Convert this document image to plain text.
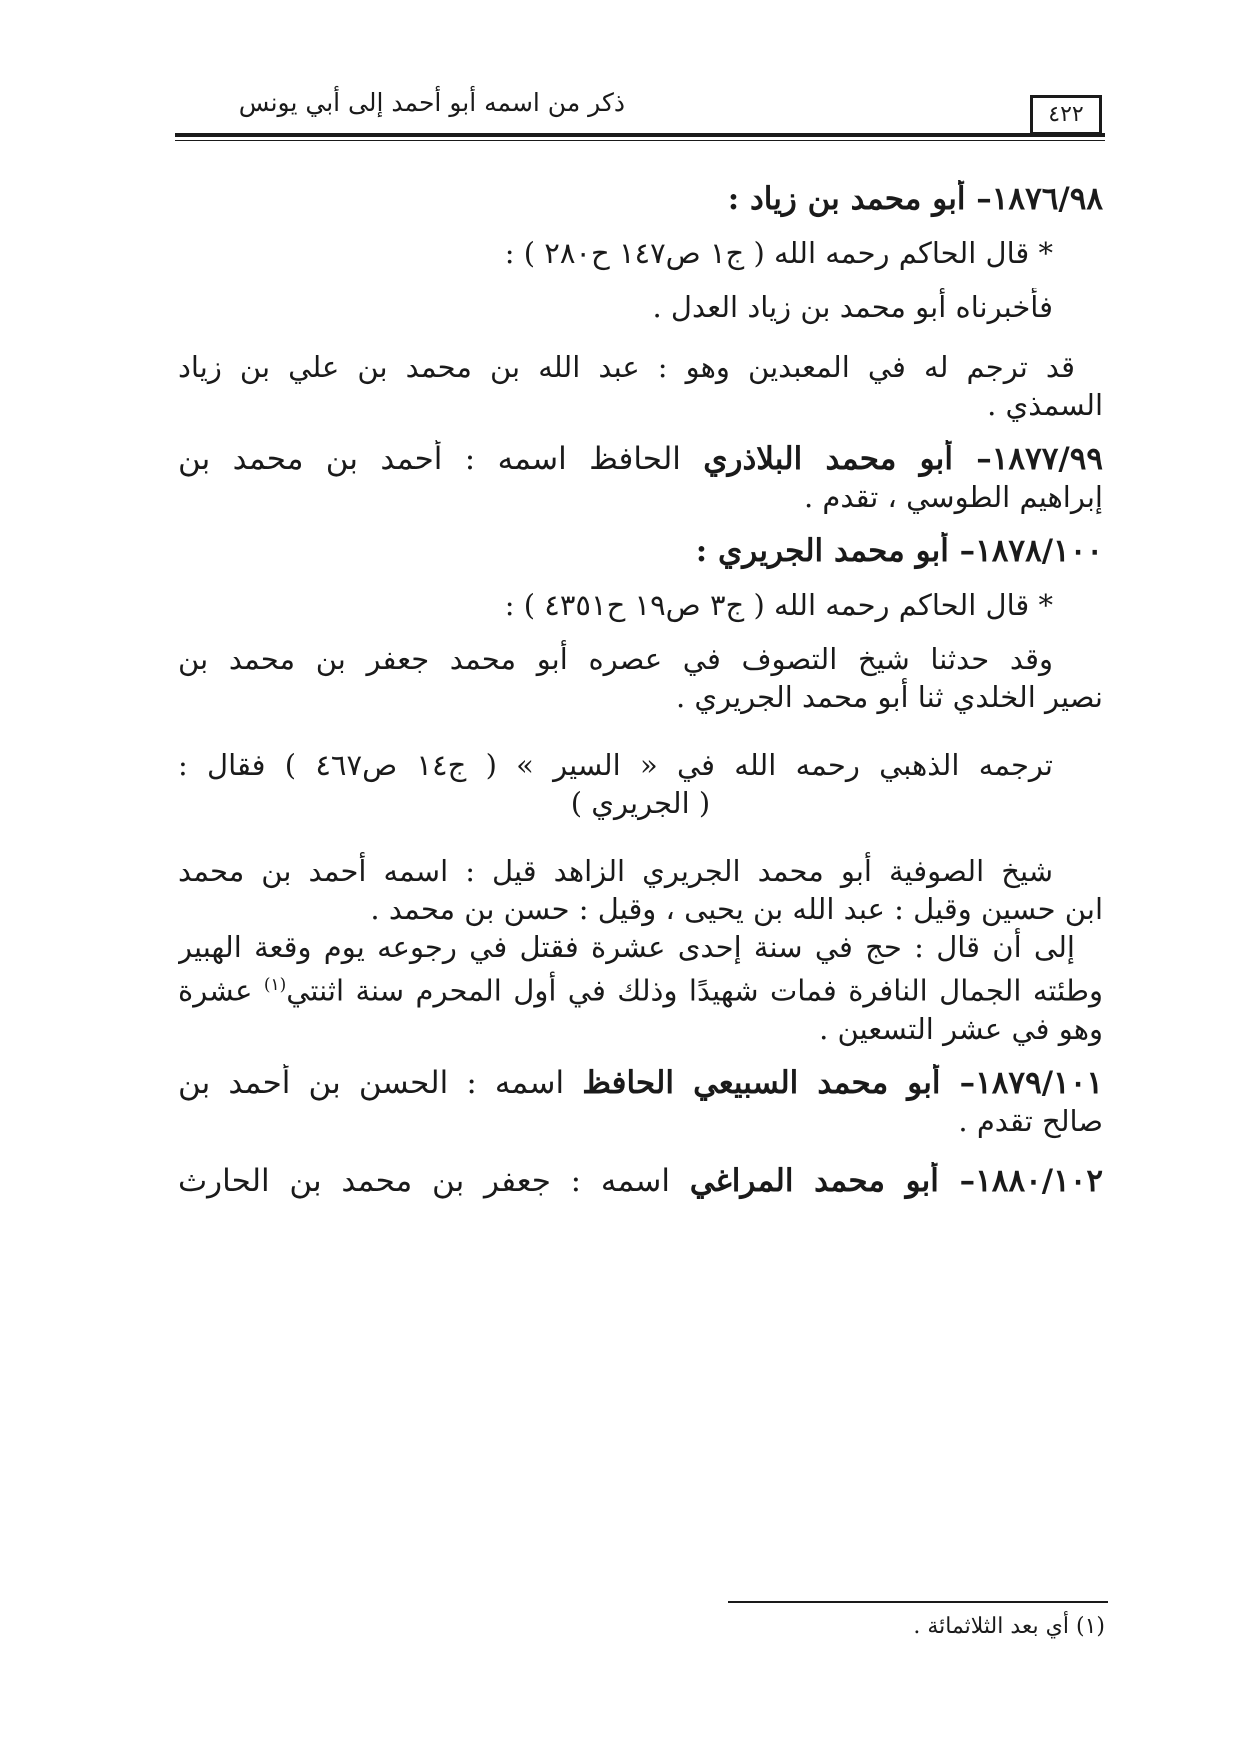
ذكر من اسمه أبو أحمد إلى أبي يونس	٤٢٢

١٨٧٦/٩٨– أبو محمد بن زياد :

* قال الحاكم رحمه الله ( ج١ ص١٤٧ ح٢٨٠ ) :

فأخبرناه أبو محمد بن زياد العدل .

قد ترجم له في المعبدين وهو : عبد الله بن محمد بن علي بن زياد

السمذي .

١٨٧٧/٩٩– أبو محمد البلاذري الحافظ اسمه : أحمد بن محمد بن

إبراهيم الطوسي ، تقدم .

١٨٧٨/١٠٠– أبو محمد الجريري :

* قال الحاكم رحمه الله ( ج٣ ص١٩ ح٤٣٥١ ) :

وقد حدثنا شيخ التصوف في عصره أبو محمد جعفر بن محمد بن

نصير الخلدي ثنا أبو محمد الجريري .

ترجمه الذهبي رحمه الله في « السير » ( ج١٤ ص٤٦٧ ) فقال :

( الجريري )

شيخ الصوفية أبو محمد الجريري الزاهد قيل : اسمه أحمد بن محمد

ابن حسين وقيل : عبد الله بن يحيى ، وقيل : حسن بن محمد .

إلى أن قال : حج في سنة إحدى عشرة فقتل في رجوعه يوم وقعة الهبير

وطئته الجمال النافرة فمات شهيدًا وذلك في أول المحرم سنة اثنتي$^{(١)}$ عشرة

وهو في عشر التسعين .

١٨٧٩/١٠١– أبو محمد السبيعي الحافظ اسمه : الحسن بن أحمد بن

صالح تقدم .

١٨٨٠/١٠٢– أبو محمد المراغي اسمه : جعفر بن محمد بن الحارث

(١) أي بعد الثلاثمائة .
